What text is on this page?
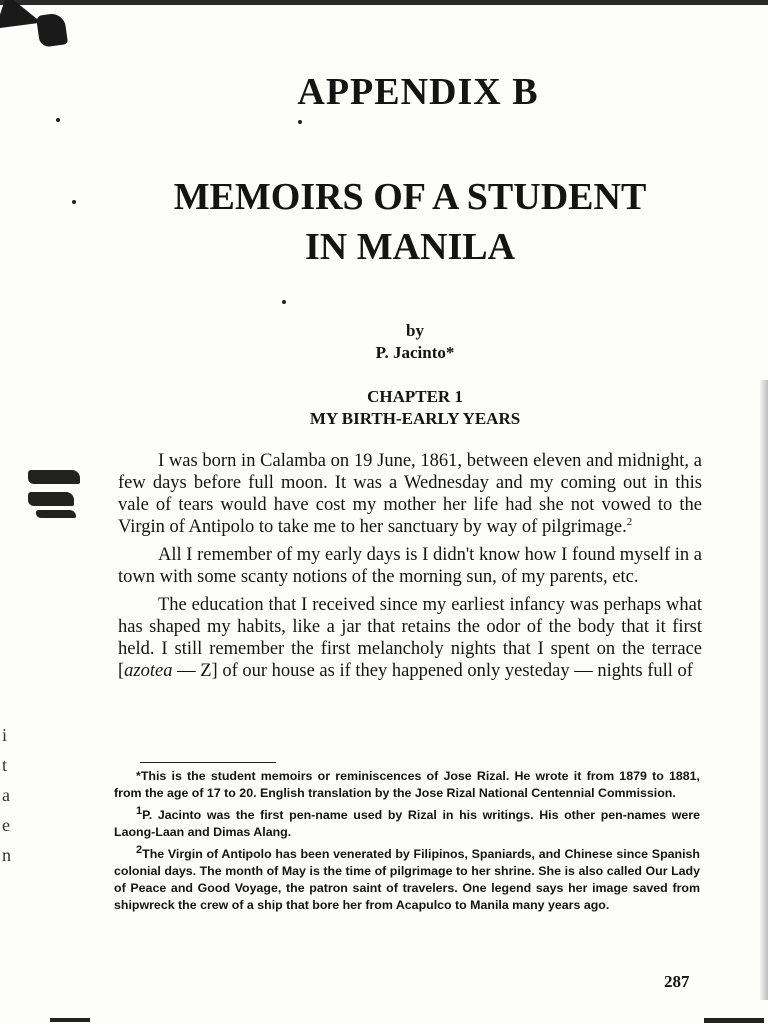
i
t
a
e
n
APPENDIX B
MEMOIRS OF A STUDENT
IN MANILA
by
P. Jacinto*
CHAPTER 1
MY BIRTH-EARLY YEARS

I was born in Calamba on 19 June, 1861, between eleven and midnight, a few days before full moon. It was a Wednesday and my coming out in this vale of tears would have cost my mother her life had she not vowed to the Virgin of Antipolo to take me to her sanctuary by way of pilgrimage.$^2$

All I remember of my early days is I didn't know how I found myself in a town with some scanty notions of the morning sun, of my parents, etc.

The education that I received since my earliest infancy was perhaps what has shaped my habits, like a jar that retains the odor of the body that it first held. I still remember the first melancholy nights that I spent on the terrace [azotea — Z] of our house as if they happened only yesteday — nights full of

*This is the student memoirs or reminiscences of Jose Rizal. He wrote it from 1879 to 1881, from the age of 17 to 20. English translation by the Jose Rizal National Centennial Commission.

$^1$P. Jacinto was the first pen-name used by Rizal in his writings. His other pen-names were Laong-Laan and Dimas Alang.

$^2$The Virgin of Antipolo has been venerated by Filipinos, Spaniards, and Chinese since Spanish colonial days. The month of May is the time of pilgrimage to her shrine. She is also called Our Lady of Peace and Good Voyage, the patron saint of travelers. One legend says her image saved from shipwreck the crew of a ship that bore her from Acapulco to Manila many years ago.

287
